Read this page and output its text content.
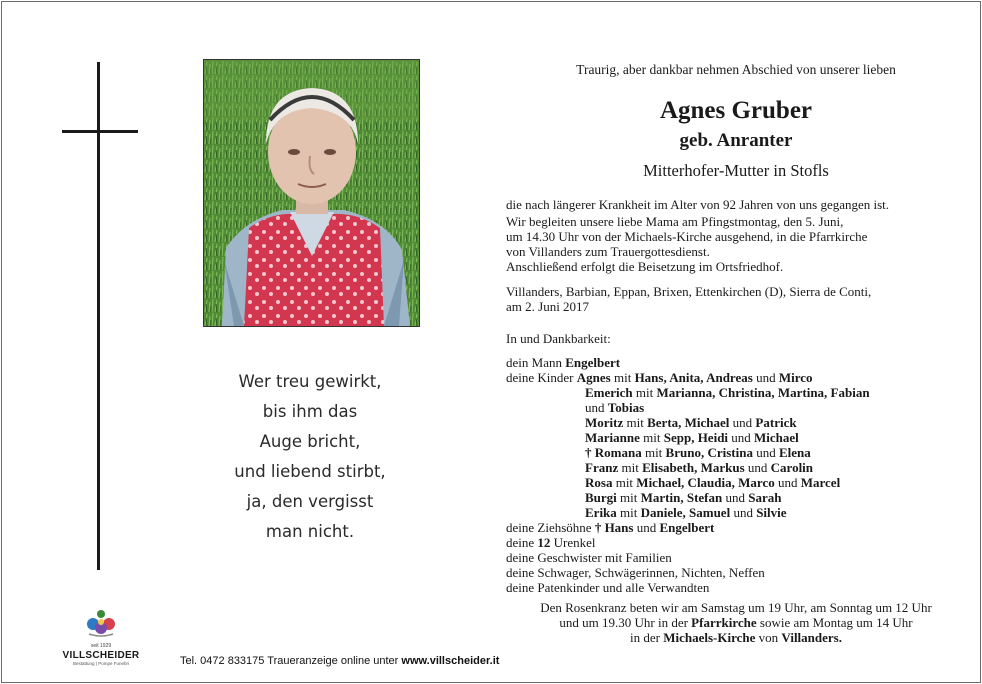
Wer treu gewirkt,
bis ihm das
Auge bricht,
und liebend stirbt,
ja, den vergisst
man nicht.
Traurig, aber dankbar nehmen Abschied von unserer lieben
Agnes Gruber
geb. Anranter
Mitterhofer-Mutter in Stofls
die nach längerer Krankheit im Alter von 92 Jahren von uns gegangen ist.
Wir begleiten unsere liebe Mama am Pfingstmontag, den 5. Juni,
um 14.30 Uhr von der Michaels-Kirche ausgehend, in die Pfarrkirche
von Villanders zum Trauergottesdienst.
Anschließend erfolgt die Beisetzung im Ortsfriedhof.
Villanders, Barbian, Eppan, Brixen, Ettenkirchen (D), Sierra de Conti,
am 2. Juni 2017
In und Dankbarkeit:
dein Mann Engelbert
deine Kinder Agnes mit Hans, Anita, Andreas und Mirco
Emerich mit Marianna, Christina, Martina, Fabian
und Tobias
Moritz mit Berta, Michael und Patrick
Marianne mit Sepp, Heidi und Michael
† Romana mit Bruno, Cristina und Elena
Franz mit Elisabeth, Markus und Carolin
Rosa mit Michael, Claudia, Marco und Marcel
Burgi mit Martin, Stefan und Sarah
Erika mit Daniele, Samuel und Silvie
deine Ziehsöhne † Hans und Engelbert
deine 12 Urenkel
deine Geschwister mit Familien
deine Schwager, Schwägerinnen, Nichten, Neffen
deine Patenkinder und alle Verwandten
Den Rosenkranz beten wir am Samstag um 19 Uhr, am Sonntag um 12 Uhr
und um 19.30 Uhr in der Pfarrkirche sowie am Montag um 14 Uhr
in der Michaels-Kirche von Villanders.
seit 1929
VILLSCHEIDER
Bestattung | Pompe Funebri	Tel. 0472 833175 Traueranzeige online unter www.villscheider.it
